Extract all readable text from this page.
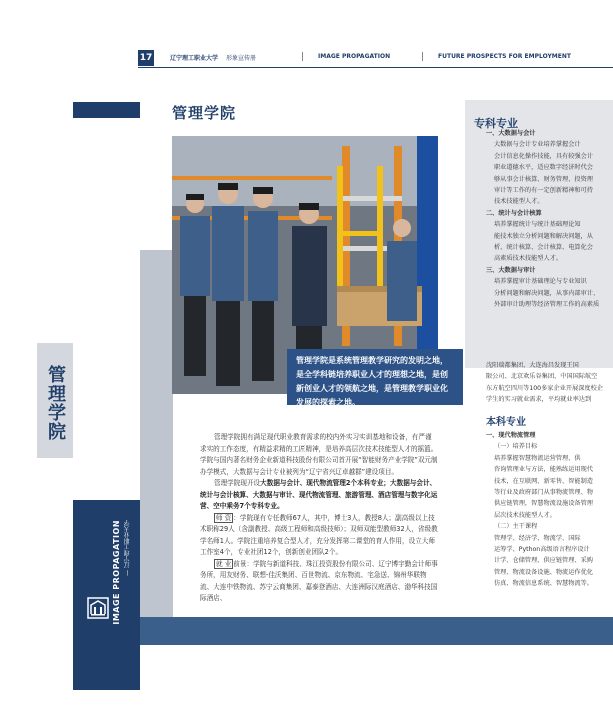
17	辽宁理工职业大学 形象宣传册	IMAGE PROPAGATION	FUTURE PROSPECTS FOR EMPLOYMENT
管理学院
IMAGE PROPAGATION — 辽宁理工职业大学
管理学院
管理学院是系统管理教学研究的发明之地，是全学科链培养职业人才的理想之地，是创新创业人才的领航之地，是管理教学职业化发展的探索之地。

管理学院拥有满足现代职业教育需求的校内外实习实训基地和设备，有严谨求实的工作态度，有精益求精的工匠精神，是培养高层次技术技能型人才的摇篮。学院与国内著名财务企业新道科技股份有限公司首开展“智能财务产业学院”双元制办学模式，大数据与会计专业被列为“辽宁省兴辽卓越群”建设项目。

管理学院现开设大数据与会计、现代物流管理2个本科专业；大数据与会计、统计与会计核算、大数据与审计、现代物流管理、旅游管理、酒店管理与数字化运营、空中乘务7个专科专业。

师 资 ：学院现有专任教师67人，其中，博士3人，教授8人；副高级以上技术职称29人（含副教授、高级工程师和高级技师）；双师双能型教师32人，省级教学名师1人。学院注重培养复合型人才，充分发挥第二课堂的育人作用，设立大师工作室4个，专业社团12个，创新创业团队2个。

就 业 前景：学院与新道科技、珠江投资股份有限公司、辽宁博宇勤会计师事务所，用友财务、联想-佳沃集团、百世物流、京东物流、宅急送、锦州华联物流、大连中铁物流、苏宁云商集团、嘉泰登酒店、大连洲际汉庭酒店、渤华科技国际酒店、

专科专业
一、大数据与会计
大数据与会计专业培养掌握会计
会计信息化操作技能，具有较强会计
职业道德水平，适应数字经济时代会
够从事会计核算、财务管理、投资理
审计等工作的有一定创新精神和可持
技术技能型人才。
二、统计与会计核算
培养掌握统计与统计基础理论知
能技术独立分析问题和解决问题，从
析、统计核算、会计核算、电算化会
高素质技术技能型人才。
三、大数据与审计
培养掌握审计基础理论与专业知识
分析问题和解决问题，从事内部审计、
外部审计助理等经济管理工作的高素质
沈阳瑞都集团、大连海昌发现王国
限公司、北京欢乐谷集团、中国国际航空
东方航空四川等100多家企业开展深度校企
学生的实习就业需求，平均就业率达到
本科专业
一、现代物流管理
（一）培养目标
培养掌握智慧物流运营管理、供
咨询管理业与方法，能熟练运用现代
技术，在互联网、新零售、智能制造
等行业及政府部门从事物流管理、物
供应链管理，智慧物流设施设备管理
层次技术技能型人才。
（二）主干课程
管理学、经济学、物流学、国际
运筹学、Python高级语言程序设计
计学、仓储管理、供应链管理、采购
管理、物流设备设施、物流运作优化
仿真、物流信息系统、智慧物流等。
